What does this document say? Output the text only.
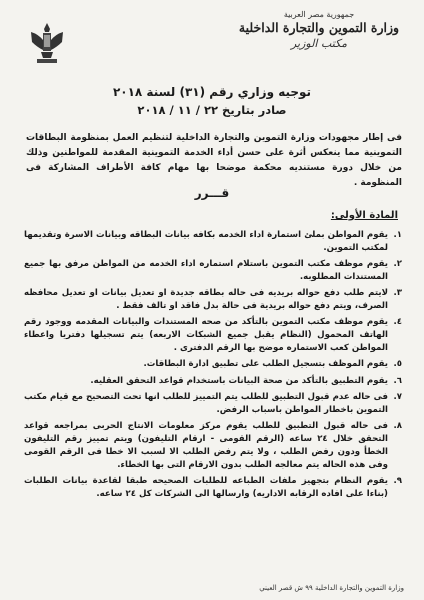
جمهورية مصر العربية
وزارة التموين والتجارة الداخلية
مكتب الوزير
توجيه وزاري رقم (٣١) لسنة ٢٠١٨
صادر بتاريخ ٢٢ / ١١ / ٢٠١٨
فى إطار مجهودات وزارة التموين والتجارة الداخلية لتنظيم العمل بمنظومة البطاقات التموينية مما ينعكس أثرة على حسن أداء الخدمة التموينية المقدمة للمواطنين وذلك من خلال دورة مستنديه محكمة موضحا بها مهام كافة الأطراف المشاركة فى المنظومة .
قـــرر
المادة الأولى:
١.
يقوم المواطن بملئ استمارة اداء الخدمه بكافه بيانات البطاقه وبيانات الاسرة وتقديمها لمكتب التموين.
٢.
يقوم موظف مكتب التموين باستلام استماره اداء الخدمه من المواطن مرفق بها جميع المستندات المطلوبه.
٣.
لايتم طلب دفع حواله بريديه فى حاله بطاقه جديدة او تعديل بيانات او تعديل محافظه الصرف، ويتم دفع حواله بريدية فى حالة بدل فاقد او تالف فقط .
٤.
يقوم موظف مكتب التموين بالتأكد من صحه المستندات والبيانات المقدمه ووجود رقم الهاتف المحمول (النظام يقبل جميع الشبكات الاربعه) يتم تسجيلها دفتريا واعطاء المواطن كعب الاستماره موضح بها الرقم الدفترى .
٥.
يقوم الموظف بتسجيل الطلب على تطبيق ادارة البطاقات.
٦.
يقوم التطبيق بالتأكد من صحة البيانات باستخدام قواعد التحقق العقليه.
٧.
فى حاله عدم قبول التطبيق للطلب يتم التمييز للطلب انها تحت التصحيح مع قيام مكتب التموين باخطار المواطن باسباب الرفض.
٨.
فى حاله قبول التطبيق للطلب يقوم مركز معلومات الانتاج الحربى بمراجعه قواعد التحقق خلال ٢٤ ساعه (الرقم القومى - ارقام التليفون) ويتم تمييز رقم التليفون الخطأ ودون رفض الطلب ، ولا يتم رفض الطلب الا لسبب الا خطا فى الرقم القومى وفى هذه الحاله يتم معالجه الطلب بدون الارقام التى بها الخطاء.
٩.
يقوم النظام بتجهيز ملفات الطباعه للطلبات الصحيحه طبقا لقاعدة بيانات الطلبات (بناءا على افاده الرقابه الاداريه) وارسالها الى الشركات كل ٢٤ ساعه.
وزارة التموين والتجارة الداخلية ٩٩ ش قصر العيني
